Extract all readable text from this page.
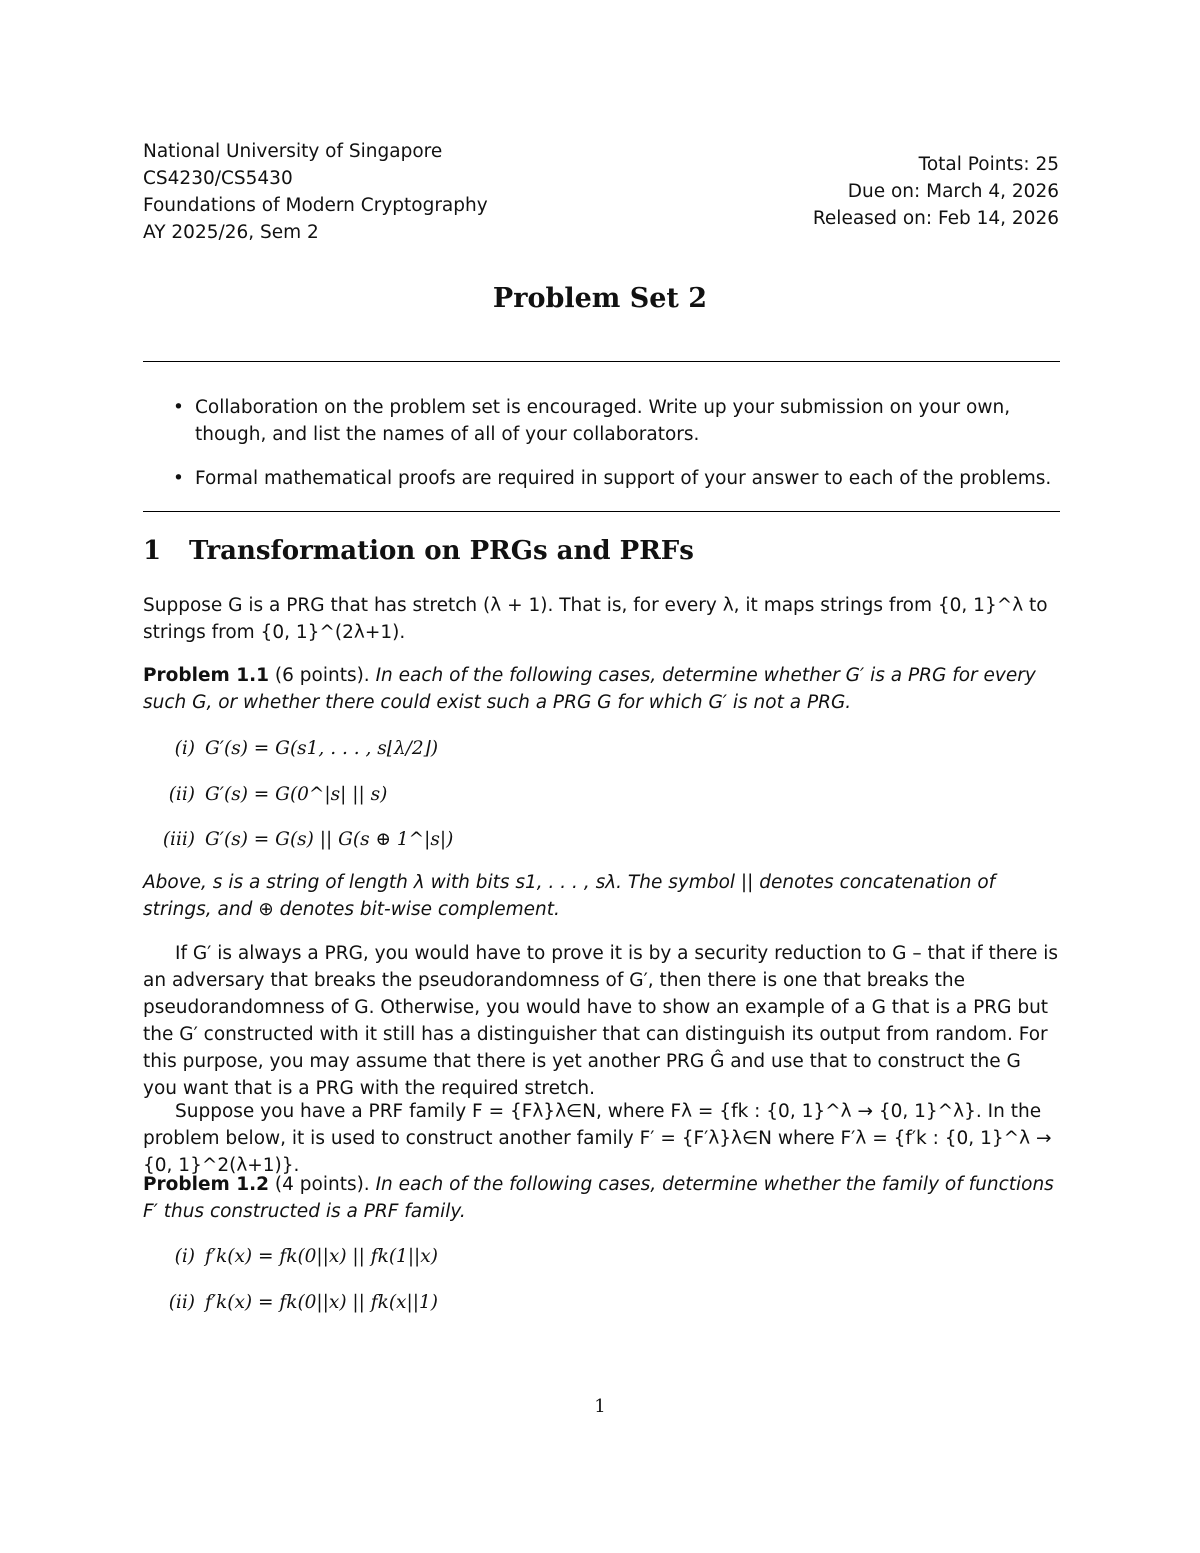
National University of Singapore
CS4230/CS5430
Foundations of Modern Cryptography
AY 2025/26, Sem 2
Total Points: 25
Due on: March 4, 2026
Released on: Feb 14, 2026
Problem Set 2
• Collaboration on the problem set is encouraged. Write up your submission on your own, though, and list the names of all of your collaborators.
• Formal mathematical proofs are required in support of your answer to each of the problems.
1 Transformation on PRGs and PRFs
Suppose G is a PRG that has stretch (λ + 1). That is, for every λ, it maps strings from {0, 1}^λ to strings from {0, 1}^(2λ+1).
Problem 1.1 (6 points). In each of the following cases, determine whether G′ is a PRG for every such G, or whether there could exist such a PRG G for which G′ is not a PRG.
(i) G′(s) = G(s1, . . . , s⌊λ/2⌋)
(ii) G′(s) = G(0^|s| || s)
(iii) G′(s) = G(s) || G(s ⊕ 1^|s|)
Above, s is a string of length λ with bits s1, . . . , sλ. The symbol || denotes concatenation of strings, and ⊕ denotes bit-wise complement.
If G′ is always a PRG, you would have to prove it is by a security reduction to G – that if there is an adversary that breaks the pseudorandomness of G′, then there is one that breaks the pseudorandomness of G. Otherwise, you would have to show an example of a G that is a PRG but the G′ constructed with it still has a distinguisher that can distinguish its output from random. For this purpose, you may assume that there is yet another PRG Ĝ and use that to construct the G you want that is a PRG with the required stretch.
Suppose you have a PRF family F = {Fλ}λ∈N, where Fλ = {fk : {0, 1}^λ → {0, 1}^λ}. In the problem below, it is used to construct another family F′ = {F′λ}λ∈N where F′λ = {f′k : {0, 1}^λ → {0, 1}^2(λ+1)}.
Problem 1.2 (4 points). In each of the following cases, determine whether the family of functions F′ thus constructed is a PRF family.
(i) f′k(x) = fk(0||x) || fk(1||x)
(ii) f′k(x) = fk(0||x) || fk(x||1)
1
